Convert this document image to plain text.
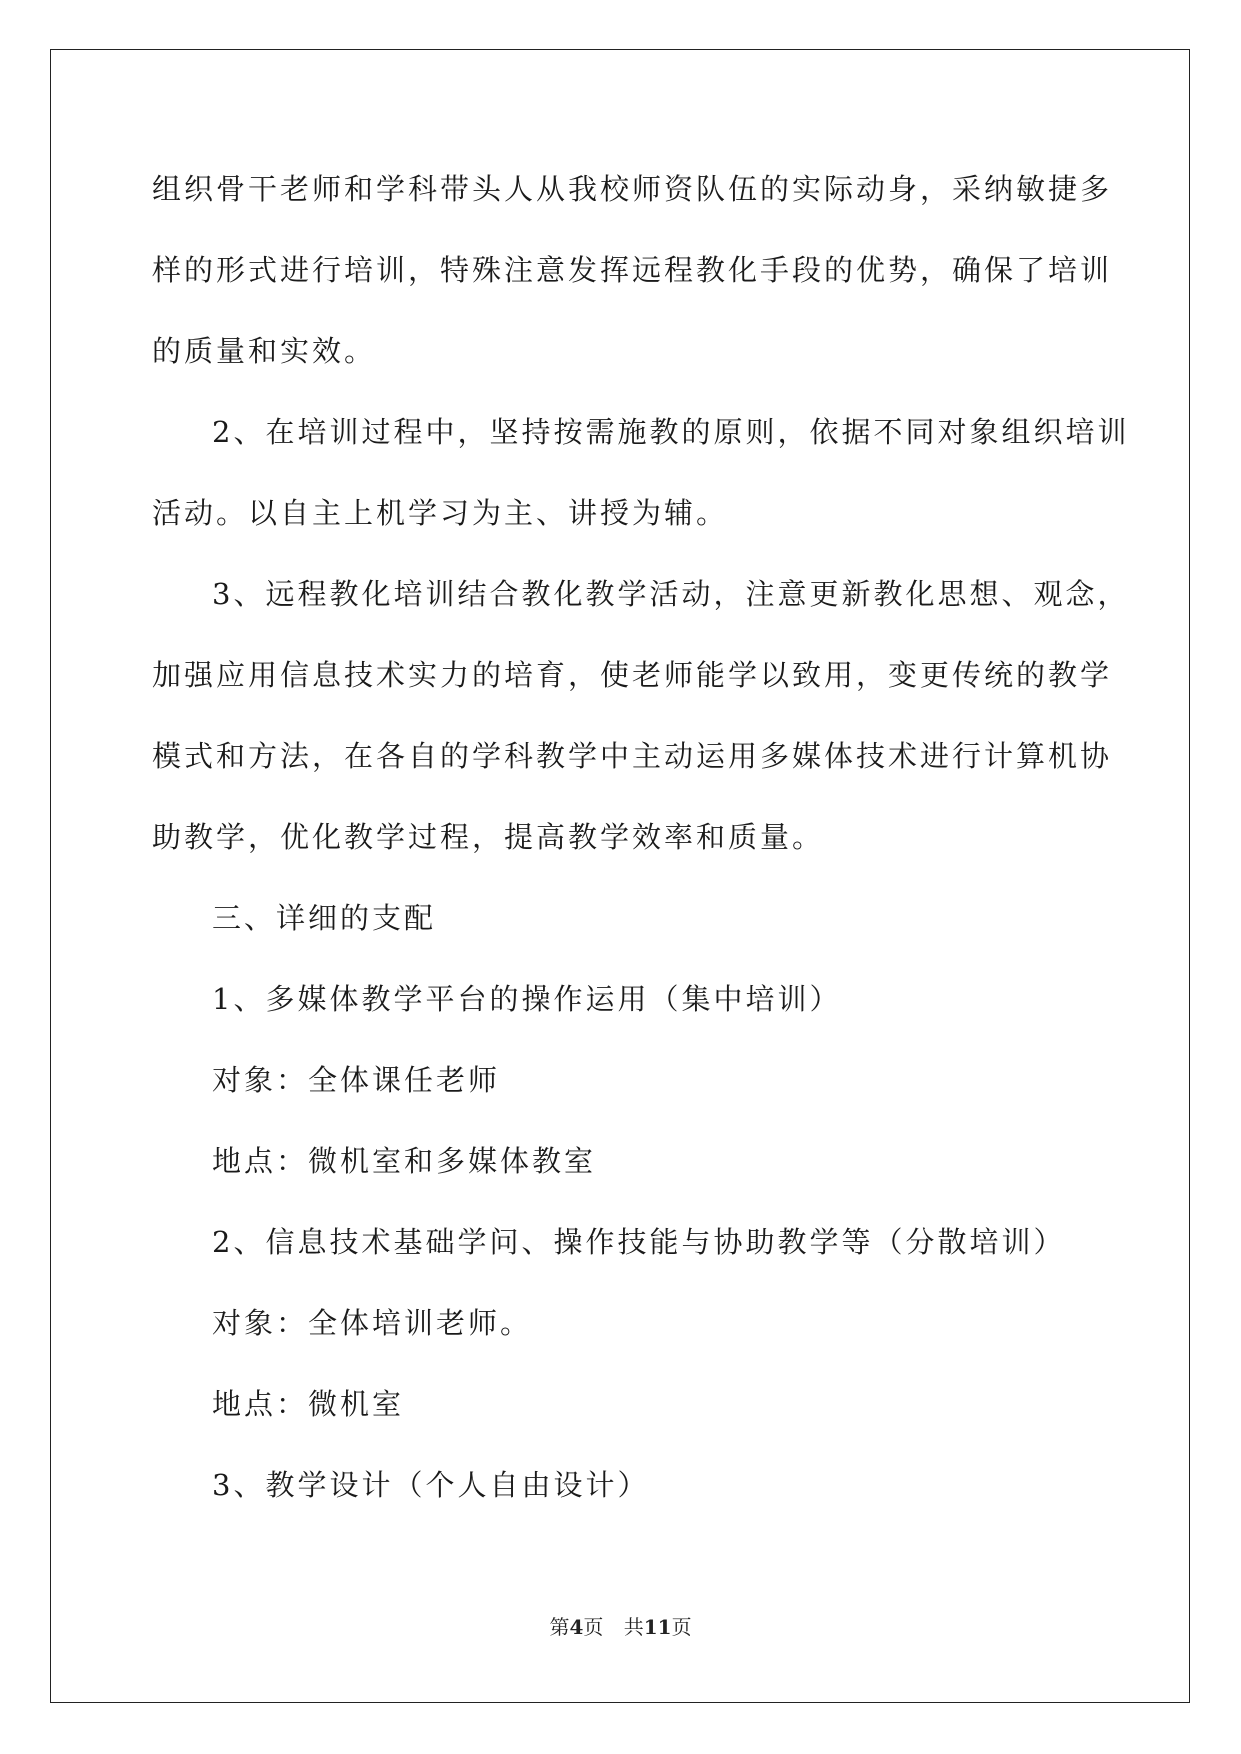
组织骨干老师和学科带头人从我校师资队伍的实际动身，采纳敏捷多

样的形式进行培训，特殊注意发挥远程教化手段的优势，确保了培训

的质量和实效。

2、在培训过程中，坚持按需施教的原则，依据不同对象组织培训

活动。以自主上机学习为主、讲授为辅。

3、远程教化培训结合教化教学活动，注意更新教化思想、观念，

加强应用信息技术实力的培育，使老师能学以致用，变更传统的教学

模式和方法，在各自的学科教学中主动运用多媒体技术进行计算机协

助教学，优化教学过程，提高教学效率和质量。

三、详细的支配

1、多媒体教学平台的操作运用（集中培训）

对象：全体课任老师

地点：微机室和多媒体教室

2、信息技术基础学问、操作技能与协助教学等（分散培训）

对象：全体培训老师。

地点：微机室

3、教学设计（个人自由设计）

第4页 共11页
